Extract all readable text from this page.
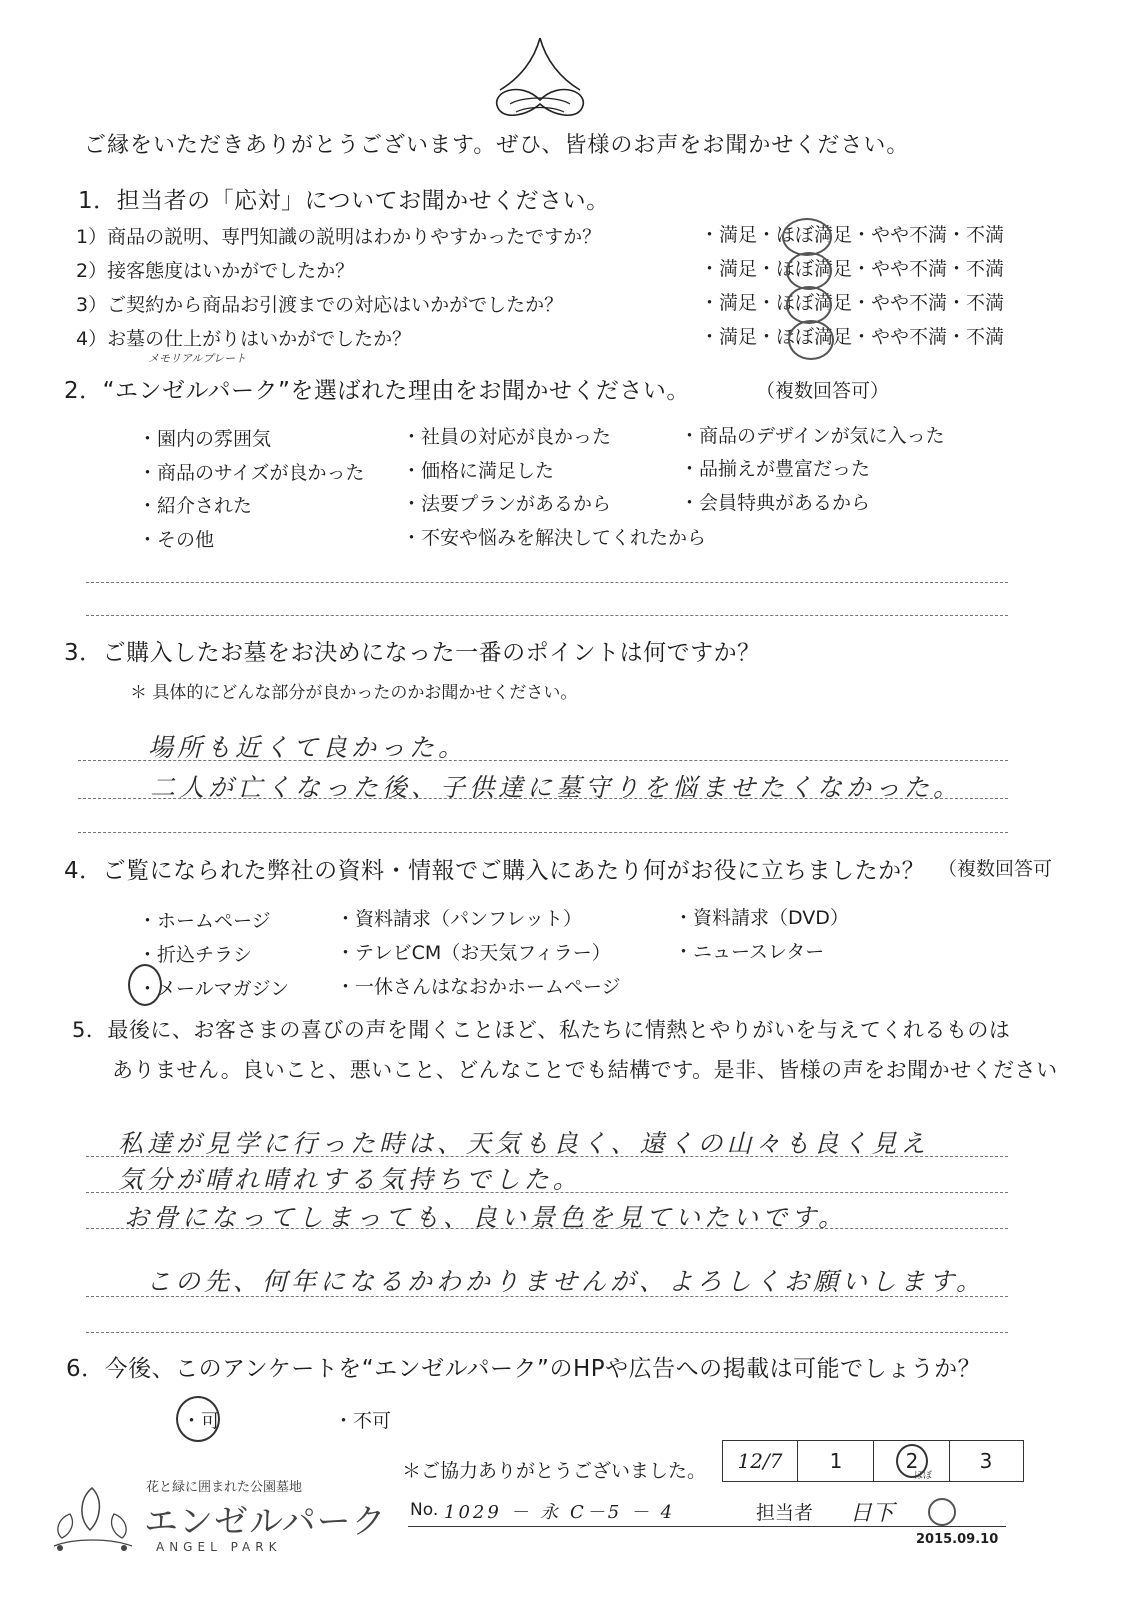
ご縁をいただきありがとうございます。ぜひ、皆様のお声をお聞かせください。
1．担当者の「応対」についてお聞かせください。
1）商品の説明、専門知識の説明はわかりやすかったですか？	・満足・ほぼ満足・やや不満・不満
2）接客態度はいかがでしたか？	・満足・ほぼ満足・やや不満・不満
3）ご契約から商品お引渡までの対応はいかがでしたか？	・満足・ほぼ満足・やや不満・不満
4）お墓の仕上がりはいかがでしたか？	・満足・ほぼ満足・やや不満・不満
メモリアルプレート
2．“エンゼルパーク”を選ばれた理由をお聞かせください。	（複数回答可）
・園内の雰囲気	・社員の対応が良かった	・商品のデザインが気に入った
・商品のサイズが良かった ・価格に満足した	・品揃えが豊富だった
・紹介された	・法要プランがあるから	・会員特典があるから
・その他	・不安や悩みを解決してくれたから
3．ご購入したお墓をお決めになった一番のポイントは何ですか？
＊ 具体的にどんな部分が良かったのかお聞かせください。
場所も近くて良かった。
二人が亡くなった後、子供達に墓守りを悩ませたくなかった。
4．ご覧になられた弊社の資料・情報でご購入にあたり何がお役に立ちましたか？ （複数回答可
・ホームページ	・資料請求（パンフレット）	・資料請求（DVD）
・折込チラシ	・テレビCM（お天気フィラー）	・ニュースレター
・メールマガジン ・一休さんはなおかホームページ
5．最後に、お客さまの喜びの声を聞くことほど、私たちに情熱とやりがいを与えてくれるものは
ありません。良いこと、悪いこと、どんなことでも結構です。是非、皆様の声をお聞かせください
私達が見学に行った時は、天気も良く、遠くの山々も良く見え
気分が晴れ晴れする気持ちでした。
お骨になってしまっても、良い景色を見ていたいです。
この先、何年になるかわかりませんが、よろしくお願いします。
6．今後、このアンケートを“エンゼルパーク”のHPや広告への掲載は可能でしょうか？
・可	・不可
花と緑に囲まれた公園墓地
エンゼルパーク
ANGEL PARK
＊ご協力ありがとうございました。	12/7	1	2	3
ほぼ
No. 1029 － 永 C－5 － 4	担当者 日下
2015.09.10
